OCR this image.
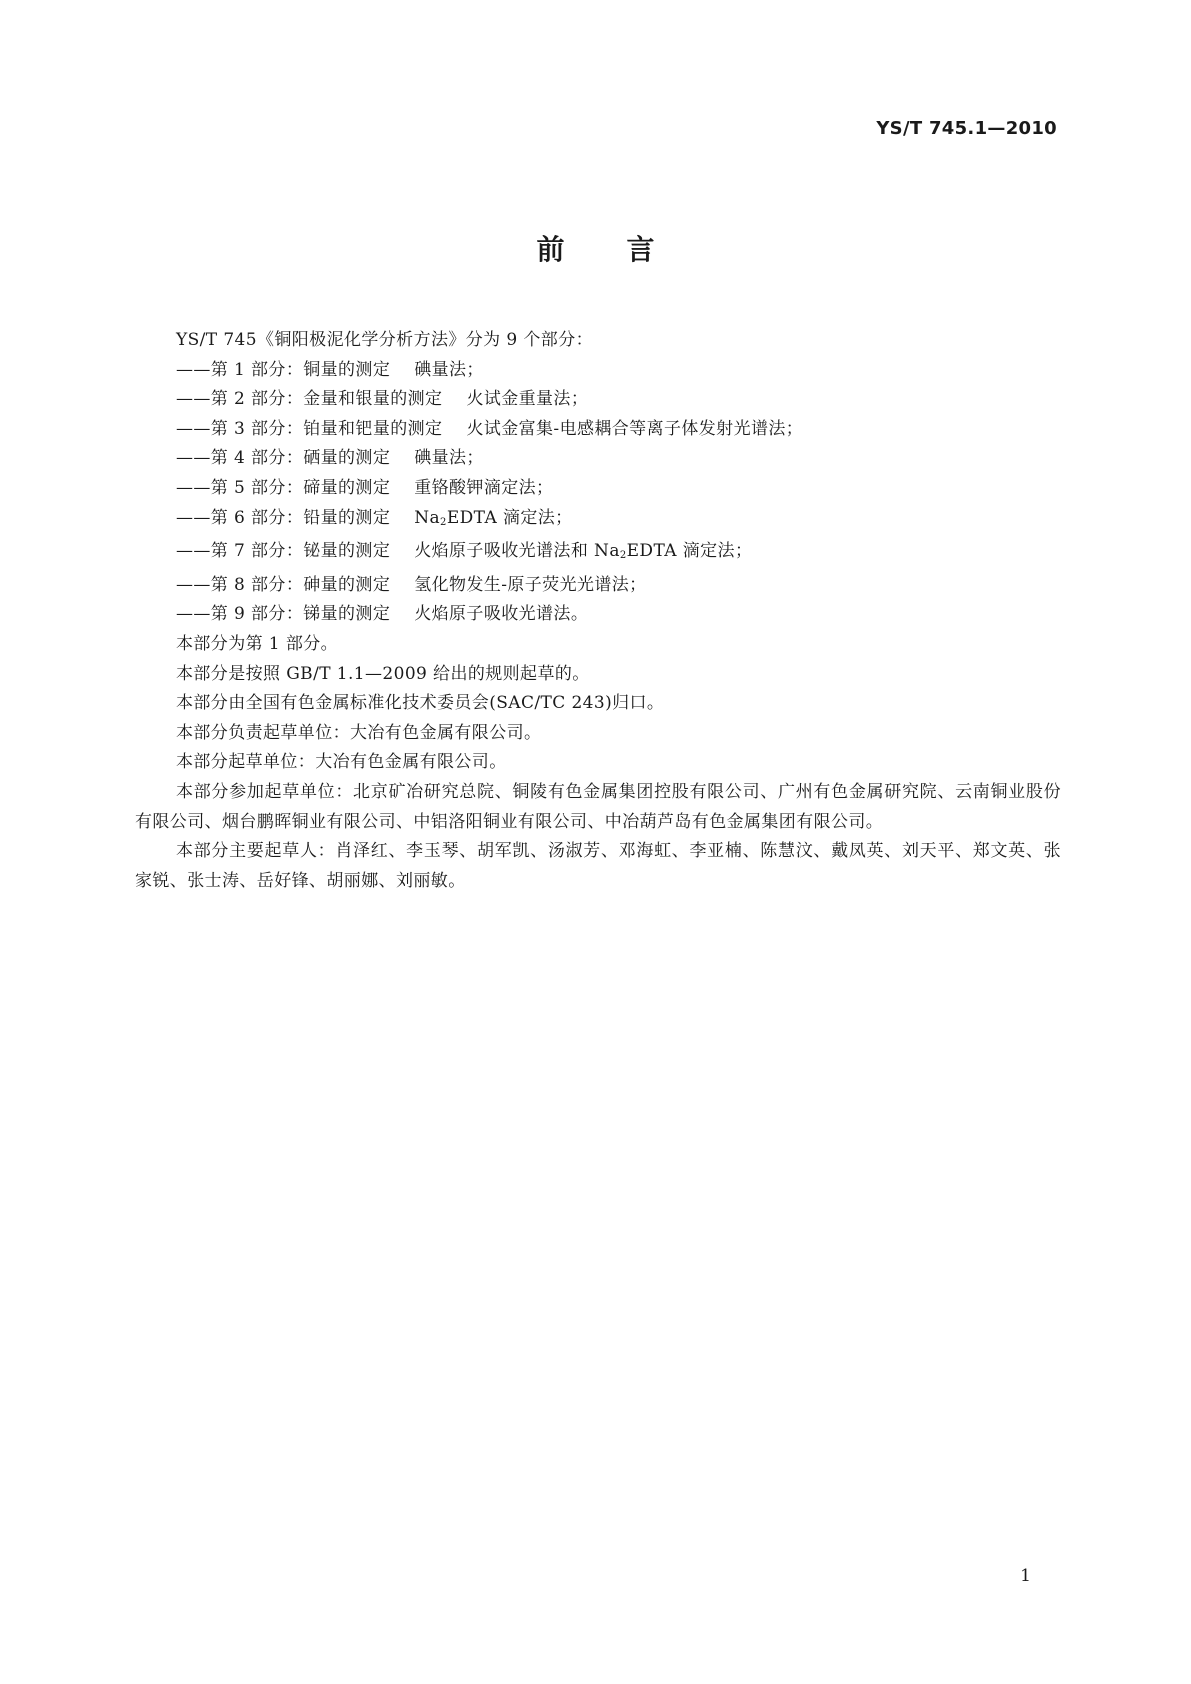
YS/T 745.1—2010
前言

YS/T 745《铜阳极泥化学分析方法》分为 9 个部分：

——第 1 部分：铜量的测定 碘量法；

——第 2 部分：金量和银量的测定 火试金重量法；

——第 3 部分：铂量和钯量的测定 火试金富集-电感耦合等离子体发射光谱法；

——第 4 部分：硒量的测定 碘量法；

——第 5 部分：碲量的测定 重铬酸钾滴定法；

——第 6 部分：铅量的测定 $Na_2EDTA$ 滴定法；

——第 7 部分：铋量的测定 火焰原子吸收光谱法和 $Na_2EDTA$ 滴定法；

——第 8 部分：砷量的测定 氢化物发生-原子荧光光谱法；

——第 9 部分：锑量的测定 火焰原子吸收光谱法。

本部分为第 1 部分。

本部分是按照 GB/T 1.1—2009 给出的规则起草的。

本部分由全国有色金属标准化技术委员会(SAC/TC 243)归口。

本部分负责起草单位：大冶有色金属有限公司。

本部分起草单位：大冶有色金属有限公司。

本部分参加起草单位：北京矿冶研究总院、铜陵有色金属集团控股有限公司、广州有色金属研究院、云南铜业股份有限公司、烟台鹏晖铜业有限公司、中铝洛阳铜业有限公司、中冶葫芦岛有色金属集团有限公司。

本部分主要起草人：肖泽红、李玉琴、胡军凯、汤淑芳、邓海虹、李亚楠、陈慧汶、戴凤英、刘天平、郑文英、张家锐、张士涛、岳好锋、胡丽娜、刘丽敏。

1
